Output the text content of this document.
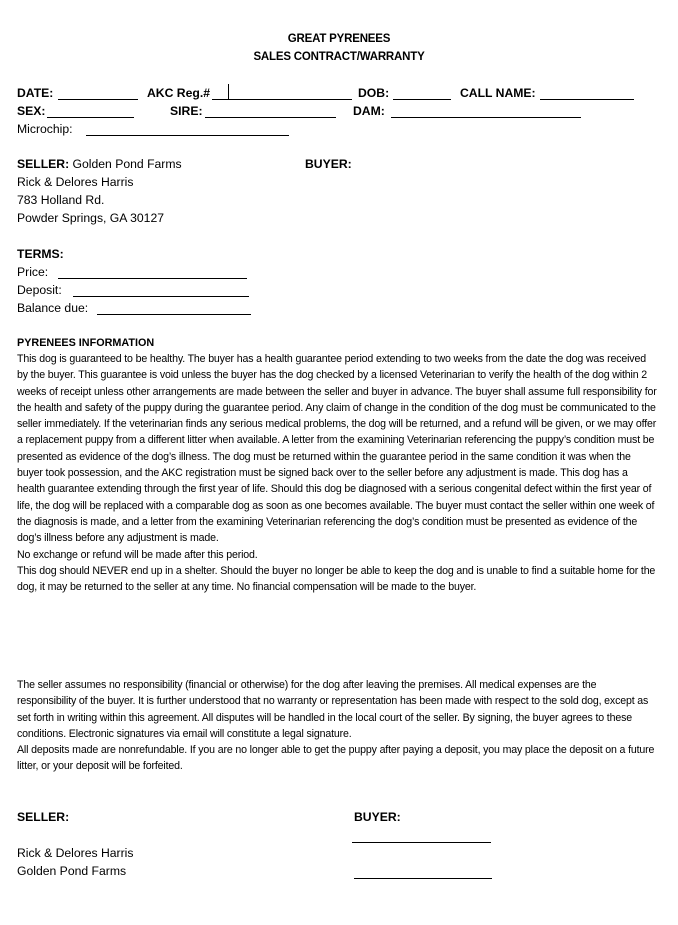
GREAT PYRENEES
SALES CONTRACT/WARRANTY
DATE:	AKC Reg.#	DOB:	CALL NAME:
SEX:	SIRE:	DAM:
Microchip:
SELLER: Golden Pond Farms
Rick & Delores Harris
783 Holland Rd.
Powder Springs, GA 30127
BUYER:
TERMS:
Price:
Deposit:
Balance due:
PYRENEES INFORMATION

This dog is guaranteed to be healthy. The buyer has a health guarantee period extending to two weeks from the date the dog was received by the buyer. This guarantee is void unless the buyer has the dog checked by a licensed Veterinarian to verify the health of the dog within 2 weeks of receipt unless other arrangements are made between the seller and buyer in advance. The buyer shall assume full responsibility for the health and safety of the puppy during the guarantee period. Any claim of change in the condition of the dog must be communicated to the seller immediately. If the veterinarian finds any serious medical problems, the dog will be returned, and a refund will be given, or we may offer a replacement puppy from a different litter when available. A letter from the examining Veterinarian referencing the puppy’s condition must be presented as evidence of the dog’s illness. The dog must be returned within the guarantee period in the same condition it was when the buyer took possession, and the AKC registration must be signed back over to the seller before any adjustment is made. This dog has a health guarantee extending through the first year of life. Should this dog be diagnosed with a serious congenital defect within the first year of life, the dog will be replaced with a comparable dog as soon as one becomes available. The buyer must contact the seller within one week of the diagnosis is made, and a letter from the examining Veterinarian referencing the dog’s condition must be presented as evidence of the dog’s illness before any adjustment is made.

No exchange or refund will be made after this period.

This dog should NEVER end up in a shelter. Should the buyer no longer be able to keep the dog and is unable to find a suitable home for the dog, it may be returned to the seller at any time. No financial compensation will be made to the buyer.

The seller assumes no responsibility (financial or otherwise) for the dog after leaving the premises. All medical expenses are the responsibility of the buyer. It is further understood that no warranty or representation has been made with respect to the sold dog, except as set forth in writing within this agreement. All disputes will be handled in the local court of the seller. By signing, the buyer agrees to these conditions. Electronic signatures via email will constitute a legal signature.

All deposits made are nonrefundable. If you are no longer able to get the puppy after paying a deposit, you may place the deposit on a future litter, or your deposit will be forfeited.

SELLER:	BUYER:
Rick & Delores Harris
Golden Pond Farms
